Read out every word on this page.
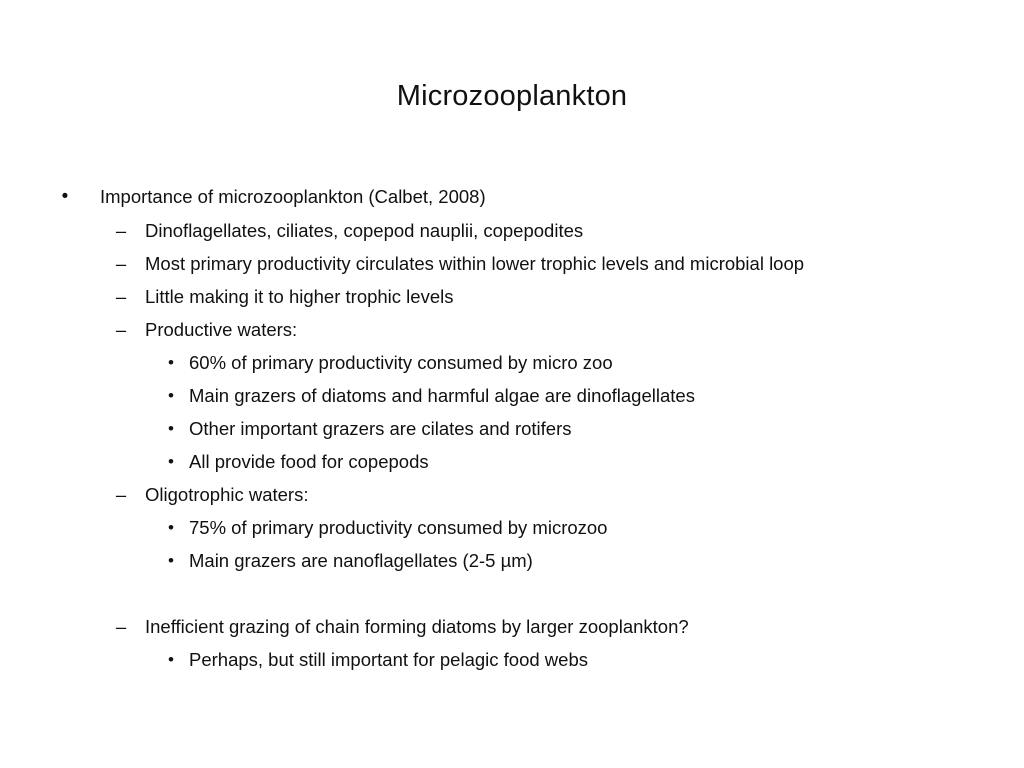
Microzooplankton
•	Importance of microzooplankton (Calbet, 2008)
–	Dinoflagellates, ciliates, copepod nauplii, copepodites
–	Most primary productivity circulates within lower trophic levels and microbial loop
–	Little making it to higher trophic levels
–	Productive waters:
• 60% of primary productivity consumed by micro zoo
• Main grazers of diatoms and harmful algae are dinoflagellates
• Other important grazers are cilates and rotifers
• All provide food for copepods
–	Oligotrophic waters:
• 75% of primary productivity consumed by microzoo
• Main grazers are nanoflagellates (2-5 µm)
–	Inefficient grazing of chain forming diatoms by larger zooplankton?
• Perhaps, but still important for pelagic food webs
